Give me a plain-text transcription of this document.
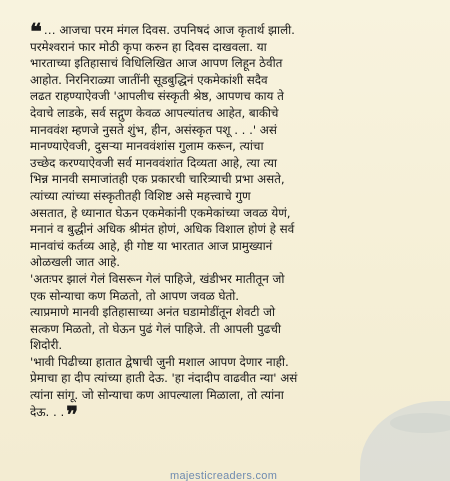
❝ … आजचा परम मंगल दिवस. उपनिषदं आज कृतार्थ झाली.
परमेश्वरानं फार मोठी कृपा करुन हा दिवस दाखवला. या
भारताच्या इतिहासाचं विधिलिखित आज आपण लिहून ठेवीत
आहोत. निरनिराळ्या जातींनी सूडबुद्धिनं एकमेकांशी सदैव
लढत राहण्याऐवजी 'आपलीच संस्कृती श्रेष्ठ, आपणच काय ते
देवाचे लाडके, सर्व सद्गुण केवळ आपल्यांतच आहेत, बाकीचे
मानववंश म्हणजे नुसते शुंभ, हीन, असंस्कृत पशू . . .' असं
मानण्याऐवजी, दुसऱ्या मानववंशांस गुलाम करून, त्यांचा
उच्छेद करण्याऐवजी सर्व मानववंशांत दिव्यता आहे, त्या त्या
भिन्न मानवी समाजांतही एक प्रकारची चारित्र्याची प्रभा असते,
त्यांच्या त्यांच्या संस्कृतीतही विशिष्ट असे महत्त्वाचे गुण
असतात, हे ध्यानात घेऊन एकमेकांनी एकमेकांच्या जवळ येणं,
मनानं व बुद्धीनं अधिक श्रीमंत होणं, अधिक विशाल होणं हे सर्व
मानवांचं कर्तव्य आहे, ही गोष्ट या भारतात आज प्रामुख्यानं
ओळखली जात आहे.
'अतःपर झालं गेलं विसरून गेलं पाहिजे, खंडीभर मातीतून जो
एक सोन्याचा कण मिळतो, तो आपण जवळ घेतो.
त्याप्रमाणे मानवी इतिहासाच्या अनंत घडामोडींतून शेवटी जो
सत्कण मिळतो, तो घेऊन पुढं गेलं पाहिजे. ती आपली पुढची
शिदोरी.
'भावी पिढीच्या हातात द्वेषाची जुनी मशाल आपण देणार नाही.
प्रेमाचा हा दीप त्यांच्या हाती देऊ. 'हा नंदादीप वाढवीत न्या' असं
त्यांना सांगू. जो सोन्याचा कण आपल्याला मिळाला, तो त्यांना
देऊ. . .❞
majesticreaders.com
